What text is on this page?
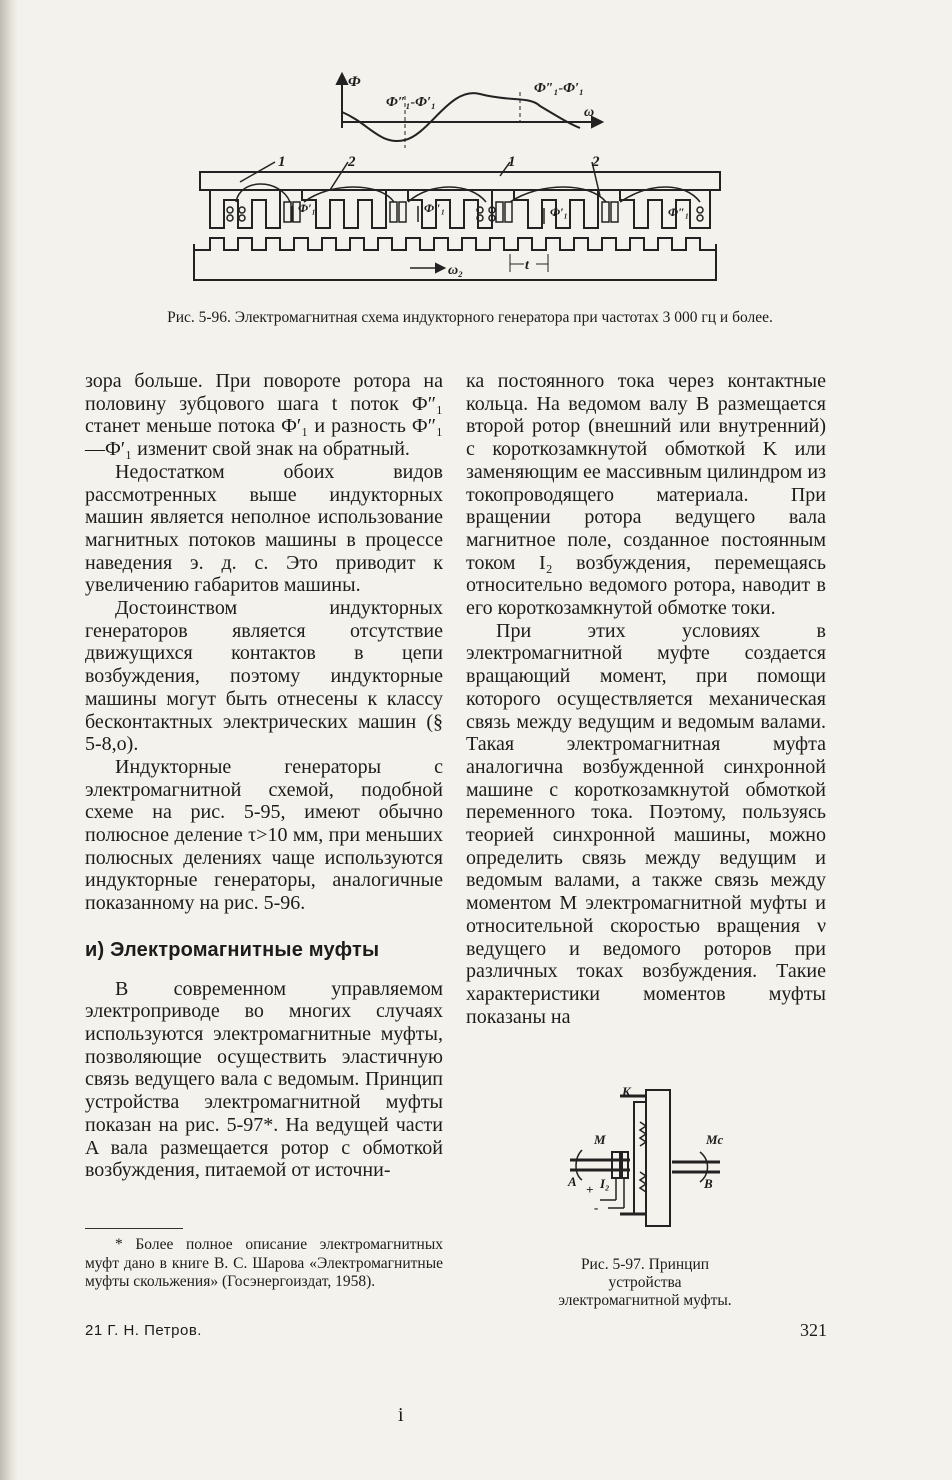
Ф
Ф″₁-Ф′₁
Ф″₁-Ф′₁
ω
1	2	1	2
Ф′₁	Ф″₁	Ф′₁	Ф″₁
ω₂	t
Рис. 5-96. Электромагнитная схема индукторного генератора при частотах 3 000 гц и более.

зора больше. При повороте ротора на половину зубцового шага t поток Ф″₁ станет меньше потока Ф′₁ и разность Ф″₁—Ф′₁ изменит свой знак на обратный.

Недостатком обоих видов рассмотренных выше индукторных машин является неполное использование магнитных потоков машины в процессе наведения э. д. с. Это приводит к увеличению габаритов машины.

Достоинством индукторных генераторов является отсутствие движущихся контактов в цепи возбуждения, поэтому индукторные машины могут быть отнесены к классу бесконтактных электрических машин (§ 5-8,о).

Индукторные генераторы с электромагнитной схемой, подобной схеме на рис. 5-95, имеют обычно полюсное деление τ>10 мм, при меньших полюсных делениях чаще используются индукторные генераторы, аналогичные показанному на рис. 5-96.

и) Электромагнитные муфты

В современном управляемом электроприводе во многих случаях используются электромагнитные муфты, позволяющие осуществить эластичную связь ведущего вала с ведомым. Принцип устройства электромагнитной муфты показан на рис. 5-97*. На ведущей части A вала размещается ротор с обмоткой возбуждения, питаемой от источни-

ка постоянного тока через контактные кольца. На ведомом валу B размещается второй ротор (внешний или внутренний) с короткозамкнутой обмоткой K или заменяющим ее массивным цилиндром из токопроводящего материала. При вращении ротора ведущего вала магнитное поле, созданное постоянным током I₂ возбуждения, перемещаясь относительно ведомого ротора, наводит в его короткозамкнутой обмотке токи.

При этих условиях в электромагнитной муфте создается вращающий момент, при помощи которого осуществляется механическая связь между ведущим и ведомым валами. Такая электромагнитная муфта аналогична возбужденной синхронной машине с короткозамкнутой обмоткой переменного тока. Поэтому, пользуясь теорией синхронной машины, можно определить связь между ведущим и ведомым валами, а также связь между моментом M электромагнитной муфты и относительной скоростью вращения ν ведущего и ведомого роторов при различных токах возбуждения. Такие характеристики моментов муфты показаны на

* Более полное описание электромагнитных муфт дано в книге В. С. Шарова «Электромагнитные муфты скольжения» (Госэнергоиздат, 1958).

K
M	Mc
A	B
I₂
+
-
Рис. 5-97. Принцип устройства электромагнитной муфты.
21 Г. Н. Петров.	321
i
